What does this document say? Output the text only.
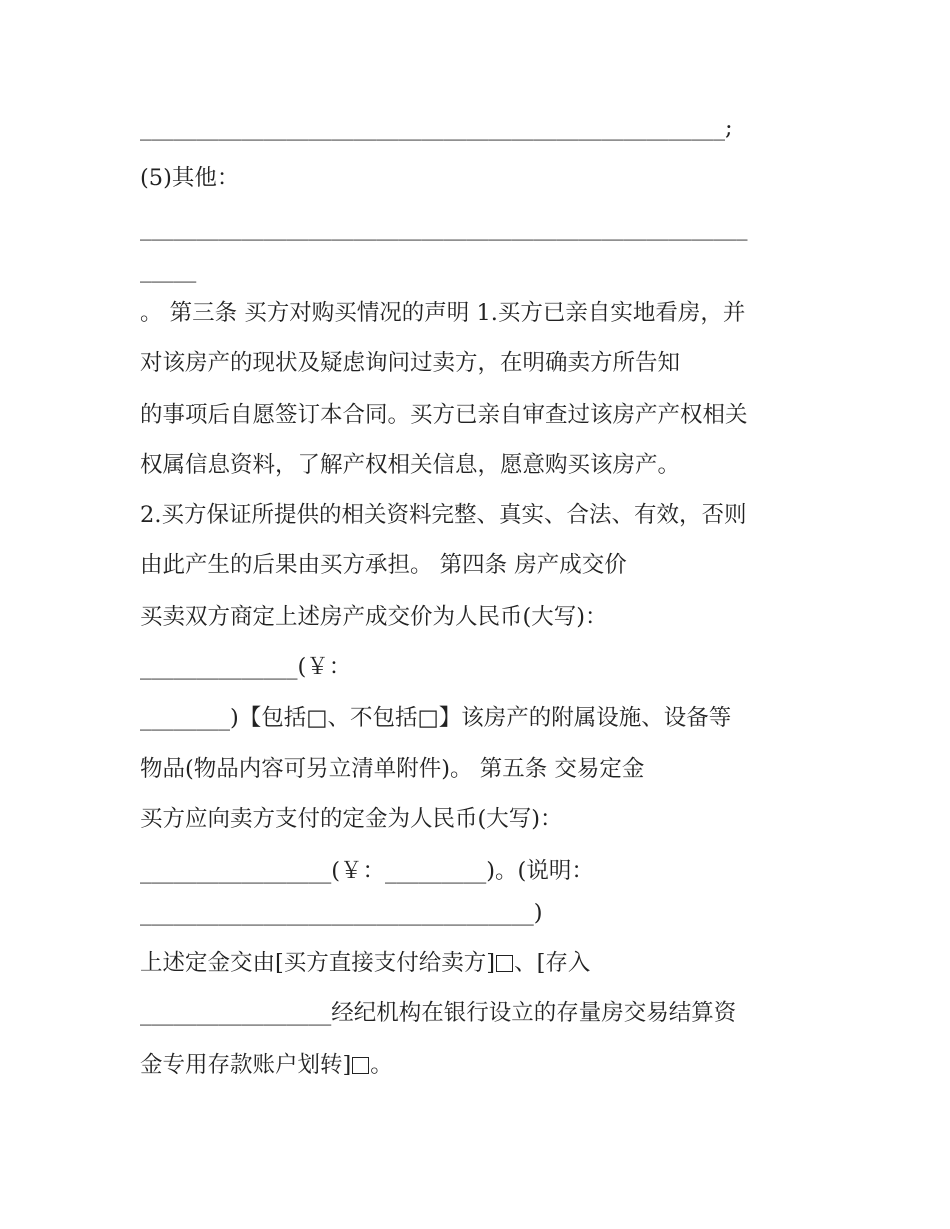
____________________________________________________;
(5)其他：
______________________________________________________
_____
。 第三条 买方对购买情况的声明 1.买方已亲自实地看房，并
对该房产的现状及疑虑询问过卖方，在明确卖方所告知
的事项后自愿签订本合同。买方已亲自审查过该房产产权相关
权属信息资料，了解产权相关信息，愿意购买该房产。
2.买方保证所提供的相关资料完整、真实、合法、有效，否则
由此产生的后果由买方承担。 第四条 房产成交价
买卖双方商定上述房产成交价为人民币(大写)：
______________(￥：
________)【包括□、不包括□】该房产的附属设施、设备等
物品(物品内容可另立清单附件)。 第五条 交易定金
买方应向卖方支付的定金为人民币(大写)：
_________________(￥：_________)。(说明：
___________________________________)
上述定金交由[买方直接支付给卖方] 、[存入
_________________经纪机构在银行设立的存量房交易结算资
金专用存款账户划转] 。
